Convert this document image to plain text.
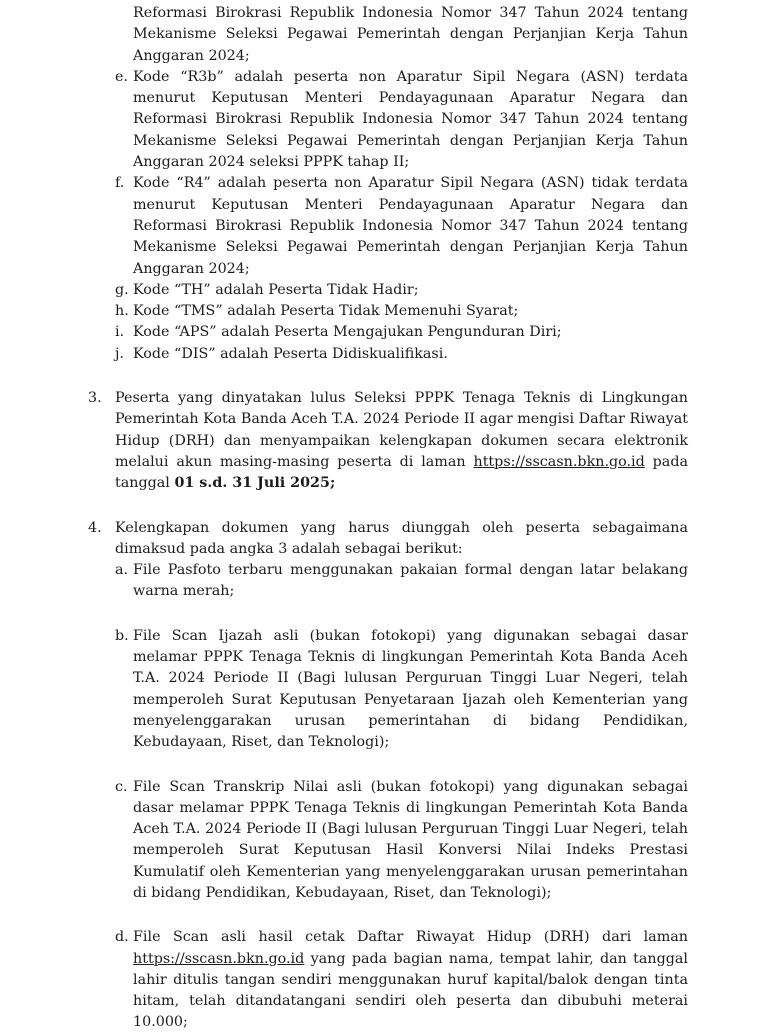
Reformasi Birokrasi Republik Indonesia Nomor 347 Tahun 2024 tentang Mekanisme Seleksi Pegawai Pemerintah dengan Perjanjian Kerja Tahun Anggaran 2024;
e. Kode “R3b” adalah peserta non Aparatur Sipil Negara (ASN) terdata menurut Keputusan Menteri Pendayagunaan Aparatur Negara dan Reformasi Birokrasi Republik Indonesia Nomor 347 Tahun 2024 tentang Mekanisme Seleksi Pegawai Pemerintah dengan Perjanjian Kerja Tahun Anggaran 2024 seleksi PPPK tahap II;
f. Kode “R4” adalah peserta non Aparatur Sipil Negara (ASN) tidak terdata menurut Keputusan Menteri Pendayagunaan Aparatur Negara dan Reformasi Birokrasi Republik Indonesia Nomor 347 Tahun 2024 tentang Mekanisme Seleksi Pegawai Pemerintah dengan Perjanjian Kerja Tahun Anggaran 2024;
g. Kode “TH” adalah Peserta Tidak Hadir;
h. Kode “TMS” adalah Peserta Tidak Memenuhi Syarat;
i. Kode “APS” adalah Peserta Mengajukan Pengunduran Diri;
j. Kode “DIS” adalah Peserta Didiskualifikasi.
3. Peserta yang dinyatakan lulus Seleksi PPPK Tenaga Teknis di Lingkungan Pemerintah Kota Banda Aceh T.A. 2024 Periode II agar mengisi Daftar Riwayat Hidup (DRH) dan menyampaikan kelengkapan dokumen secara elektronik melalui akun masing-masing peserta di laman https://sscasn.bkn.go.id pada tanggal 01 s.d. 31 Juli 2025;
4. Kelengkapan dokumen yang harus diunggah oleh peserta sebagaimana dimaksud pada angka 3 adalah sebagai berikut:
a. File Pasfoto terbaru menggunakan pakaian formal dengan latar belakang warna merah;
b. File Scan Ijazah asli (bukan fotokopi) yang digunakan sebagai dasar melamar PPPK Tenaga Teknis di lingkungan Pemerintah Kota Banda Aceh T.A. 2024 Periode II (Bagi lulusan Perguruan Tinggi Luar Negeri, telah memperoleh Surat Keputusan Penyetaraan Ijazah oleh Kementerian yang menyelenggarakan urusan pemerintahan di bidang Pendidikan, Kebudayaan, Riset, dan Teknologi);
c. File Scan Transkrip Nilai asli (bukan fotokopi) yang digunakan sebagai dasar melamar PPPK Tenaga Teknis di lingkungan Pemerintah Kota Banda Aceh T.A. 2024 Periode II (Bagi lulusan Perguruan Tinggi Luar Negeri, telah memperoleh Surat Keputusan Hasil Konversi Nilai Indeks Prestasi Kumulatif oleh Kementerian yang menyelenggarakan urusan pemerintahan di bidang Pendidikan, Kebudayaan, Riset, dan Teknologi);
d. File Scan asli hasil cetak Daftar Riwayat Hidup (DRH) dari laman https://sscasn.bkn.go.id yang pada bagian nama, tempat lahir, dan tanggal lahir ditulis tangan sendiri menggunakan huruf kapital/balok dengan tinta hitam, telah ditandatangani sendiri oleh peserta dan dibubuhi meterai 10.000;
